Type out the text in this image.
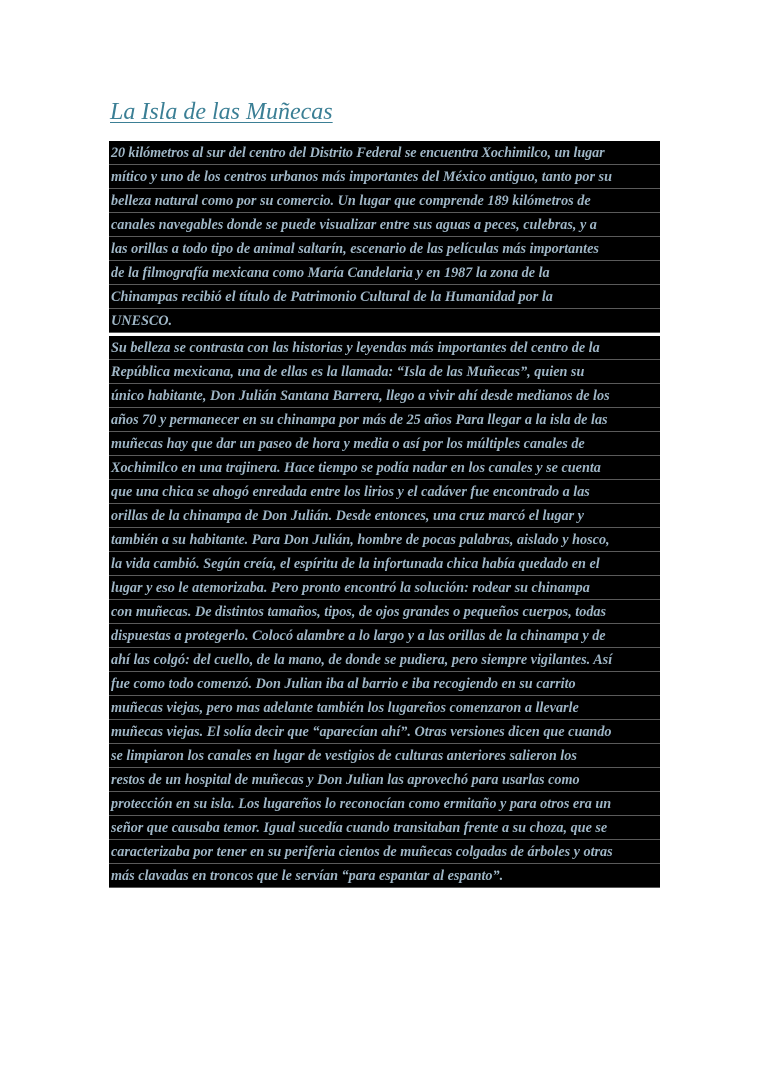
La Isla de las Muñecas
20 kilómetros al sur del centro del Distrito Federal se encuentra Xochimilco, un lugar
mítico y uno de los centros urbanos más importantes del México antiguo, tanto por su
belleza natural como por su comercio. Un lugar que comprende 189 kilómetros de
canales navegables donde se puede visualizar entre sus aguas a peces, culebras, y a
las orillas a todo tipo de animal saltarín, escenario de las películas más importantes
de la filmografía mexicana como María Candelaria y en 1987 la zona de la
Chinampas recibió el título de Patrimonio Cultural de la Humanidad por la
UNESCO.
Su belleza se contrasta con las historias y leyendas más importantes del centro de la
República mexicana, una de ellas es la llamada: “Isla de las Muñecas”, quien su
único habitante, Don Julián Santana Barrera, llego a vivir ahí desde medianos de los
años 70 y permanecer en su chinampa por más de 25 años Para llegar a la isla de las
muñecas hay que dar un paseo de hora y media o así por los múltiples canales de
Xochimilco en una trajinera. Hace tiempo se podía nadar en los canales y se cuenta
que una chica se ahogó enredada entre los lirios y el cadáver fue encontrado a las
orillas de la chinampa de Don Julián. Desde entonces, una cruz marcó el lugar y
también a su habitante. Para Don Julián, hombre de pocas palabras, aislado y hosco,
la vida cambió. Según creía, el espíritu de la infortunada chica había quedado en el
lugar y eso le atemorizaba. Pero pronto encontró la solución: rodear su chinampa
con muñecas. De distintos tamaños, tipos, de ojos grandes o pequeños cuerpos, todas
dispuestas a protegerlo. Colocó alambre a lo largo y a las orillas de la chinampa y de
ahí las colgó: del cuello, de la mano, de donde se pudiera, pero siempre vigilantes. Así
fue como todo comenzó. Don Julian iba al barrio e iba recogiendo en su carrito
muñecas viejas, pero mas adelante también los lugareños comenzaron a llevarle
muñecas viejas. El solía decir que “aparecían ahí”. Otras versiones dicen que cuando
se limpiaron los canales en lugar de vestigios de culturas anteriores salieron los
restos de un hospital de muñecas y Don Julian las aprovechó para usarlas como
protección en su isla. Los lugareños lo reconocían como ermitaño y para otros era un
señor que causaba temor. Igual sucedía cuando transitaban frente a su choza, que se
caracterizaba por tener en su periferia cientos de muñecas colgadas de árboles y otras
más clavadas en troncos que le servían “para espantar al espanto”.
